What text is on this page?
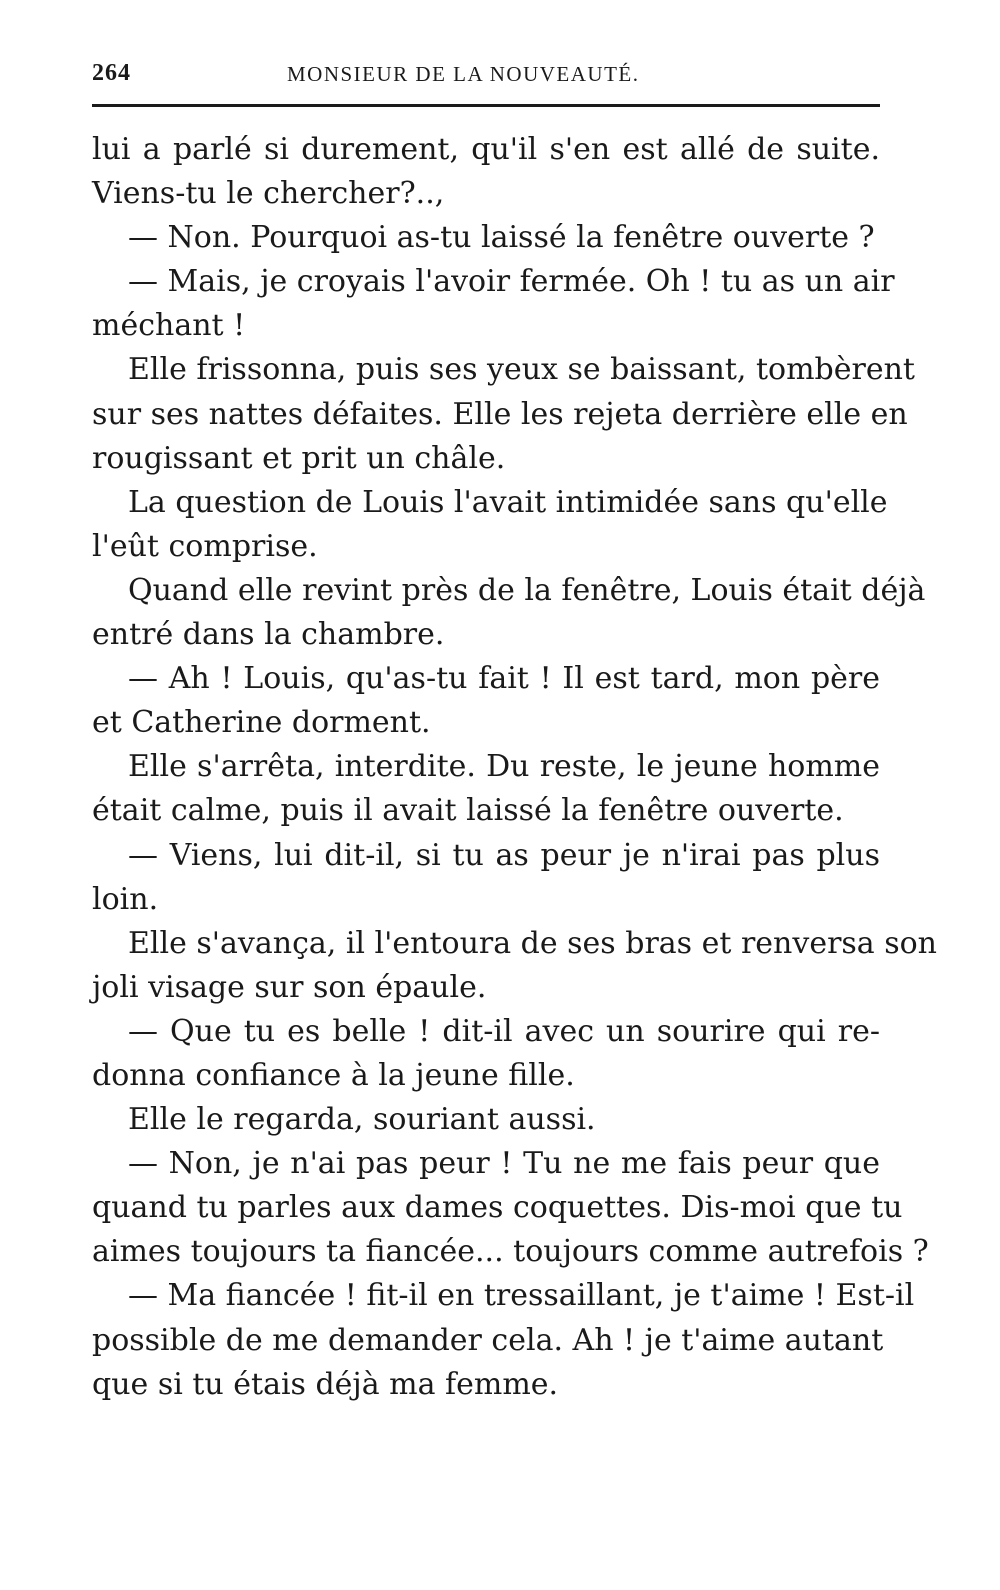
264	MONSIEUR DE LA NOUVEAUTÉ.
lui a parlé si durement, qu'il s'en est allé de suite.
Viens-tu le chercher?..,
— Non. Pourquoi as-tu laissé la fenêtre ouverte ?
— Mais, je croyais l'avoir fermée. Oh ! tu as un air
méchant !
Elle frissonna, puis ses yeux se baissant, tombèrent
sur ses nattes défaites. Elle les rejeta derrière elle en
rougissant et prit un châle.
La question de Louis l'avait intimidée sans qu'elle
l'eût comprise.
Quand elle revint près de la fenêtre, Louis était déjà
entré dans la chambre.
— Ah ! Louis, qu'as-tu fait ! Il est tard, mon père
et Catherine dorment.
Elle s'arrêta, interdite. Du reste, le jeune homme
était calme, puis il avait laissé la fenêtre ouverte.
— Viens, lui dit-il, si tu as peur je n'irai pas plus
loin.
Elle s'avança, il l'entoura de ses bras et renversa son
joli visage sur son épaule.
— Que tu es belle ! dit-il avec un sourire qui re-
donna confiance à la jeune fille.
Elle le regarda, souriant aussi.
— Non, je n'ai pas peur ! Tu ne me fais peur que
quand tu parles aux dames coquettes. Dis-moi que tu
aimes toujours ta fiancée... toujours comme autrefois ?
— Ma fiancée ! fit-il en tressaillant, je t'aime ! Est-il
possible de me demander cela. Ah ! je t'aime autant
que si tu étais déjà ma femme.
